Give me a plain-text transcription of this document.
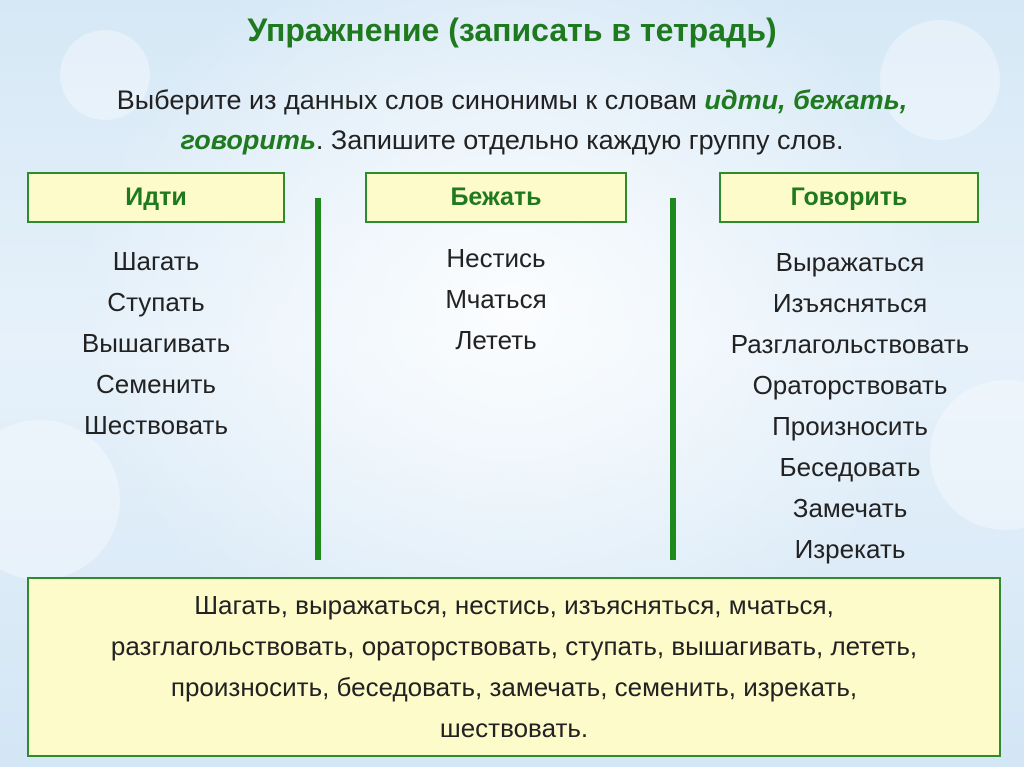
Упражнение (записать в тетрадь)
Выберите из данных слов синонимы к словам идти, бежать,
говорить. Запишите отдельно каждую группу слов.
Идти	Бежать	Говорить
Шагать
Ступать
Вышагивать
Семенить
Шествовать
Нестись
Мчаться
Лететь
Выражаться
Изъясняться
Разглагольствовать
Ораторствовать
Произносить
Беседовать
Замечать
Изрекать
Шагать, выражаться, нестись, изъясняться, мчаться,
разглагольствовать, ораторствовать, ступать, вышагивать, лететь,
произносить, беседовать, замечать, семенить, изрекать,
шествовать.
